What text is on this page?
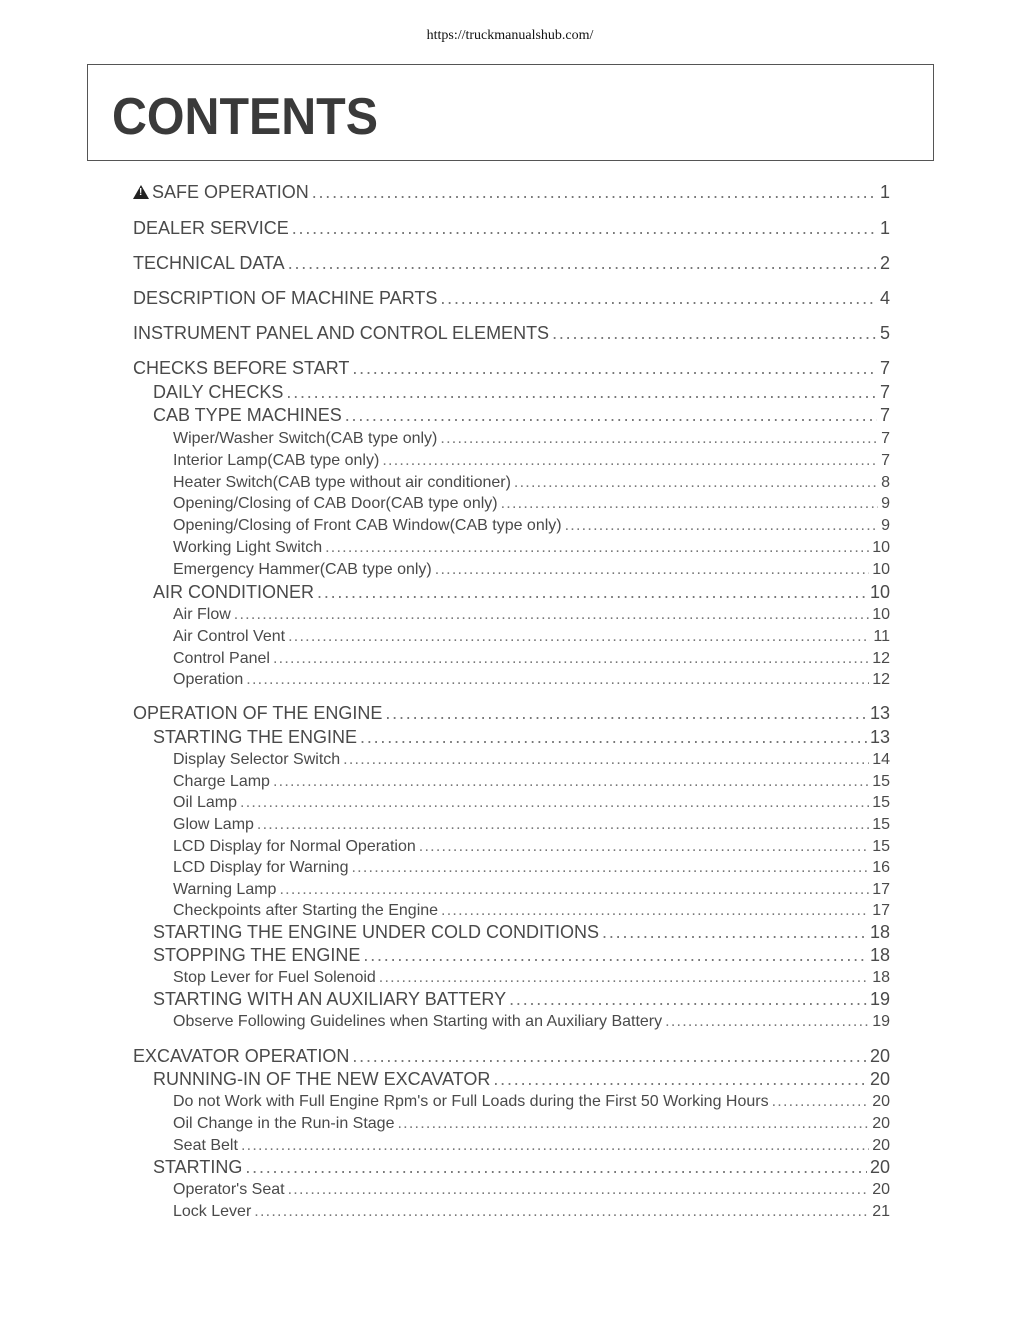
https://truckmanualshub.com/
CONTENTS
!
SAFE OPERATION . . .	1
DEALER SERVICE . . .	1
TECHNICAL DATA . . .	2
DESCRIPTION OF MACHINE PARTS . . .	4
INSTRUMENT PANEL AND CONTROL ELEMENTS . . .	5
CHECKS BEFORE START . . .	7
DAILY CHECKS . . .	7
CAB TYPE MACHINES . . .	7
Wiper/Washer Switch(CAB type only) . . .	7
Interior Lamp(CAB type only) . . .	7
Heater Switch(CAB type without air conditioner) . . .	8
Opening/Closing of CAB Door(CAB type only) . . .	9
Opening/Closing of Front CAB Window(CAB type only) . . .	9
Working Light Switch . . .	10
Emergency Hammer(CAB type only) . . .	10
AIR CONDITIONER . . .	10
Air Flow . . .	10
Air Control Vent . . .	11
Control Panel . . .	12
Operation . . .	12
OPERATION OF THE ENGINE . . .	13
STARTING THE ENGINE . . .	13
Display Selector Switch . . .	14
Charge Lamp . . .	15
Oil Lamp . . .	15
Glow Lamp . . .	15
LCD Display for Normal Operation . . .	15
LCD Display for Warning . . .	16
Warning Lamp . . .	17
Checkpoints after Starting the Engine . . .	17
STARTING THE ENGINE UNDER COLD CONDITIONS . . .	18
STOPPING THE ENGINE . . .	18
Stop Lever for Fuel Solenoid . . .	18
STARTING WITH AN AUXILIARY BATTERY . . .	19
Observe Following Guidelines when Starting with an Auxiliary Battery . . .	19
EXCAVATOR OPERATION . . .	20
RUNNING-IN OF THE NEW EXCAVATOR . . .	20
Do not Work with Full Engine Rpm's or Full Loads during the First 50 Working Hours . . .	20
Oil Change in the Run-in Stage . . .	20
Seat Belt . . .	20
STARTING . . .	20
Operator's Seat . . .	20
Lock Lever . . .	21
